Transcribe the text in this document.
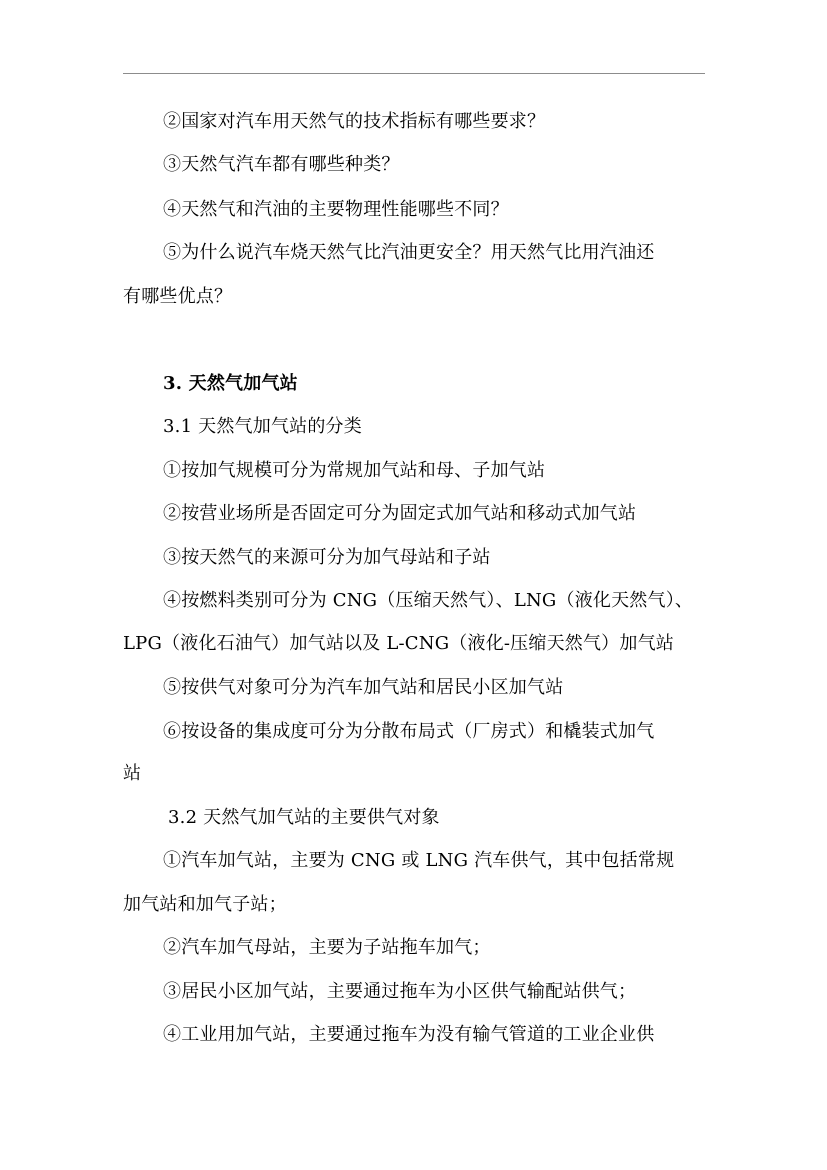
②国家对汽车用天然气的技术指标有哪些要求？
③天然气汽车都有哪些种类？
④天然气和汽油的主要物理性能哪些不同？
⑤为什么说汽车烧天然气比汽油更安全？用天然气比用汽油还
有哪些优点？
3. 天然气加气站
3.1 天然气加气站的分类
①按加气规模可分为常规加气站和母、子加气站
②按营业场所是否固定可分为固定式加气站和移动式加气站
③按天然气的来源可分为加气母站和子站
④按燃料类别可分为 CNG（压缩天然气）、LNG（液化天然气）、
LPG（液化石油气）加气站以及 L-CNG（液化-压缩天然气）加气站
⑤按供气对象可分为汽车加气站和居民小区加气站
⑥按设备的集成度可分为分散布局式（厂房式）和橇装式加气
站
3.2 天然气加气站的主要供气对象
①汽车加气站，主要为 CNG 或 LNG 汽车供气，其中包括常规
加气站和加气子站；
②汽车加气母站，主要为子站拖车加气；
③居民小区加气站，主要通过拖车为小区供气输配站供气；
④工业用加气站，主要通过拖车为没有输气管道的工业企业供
